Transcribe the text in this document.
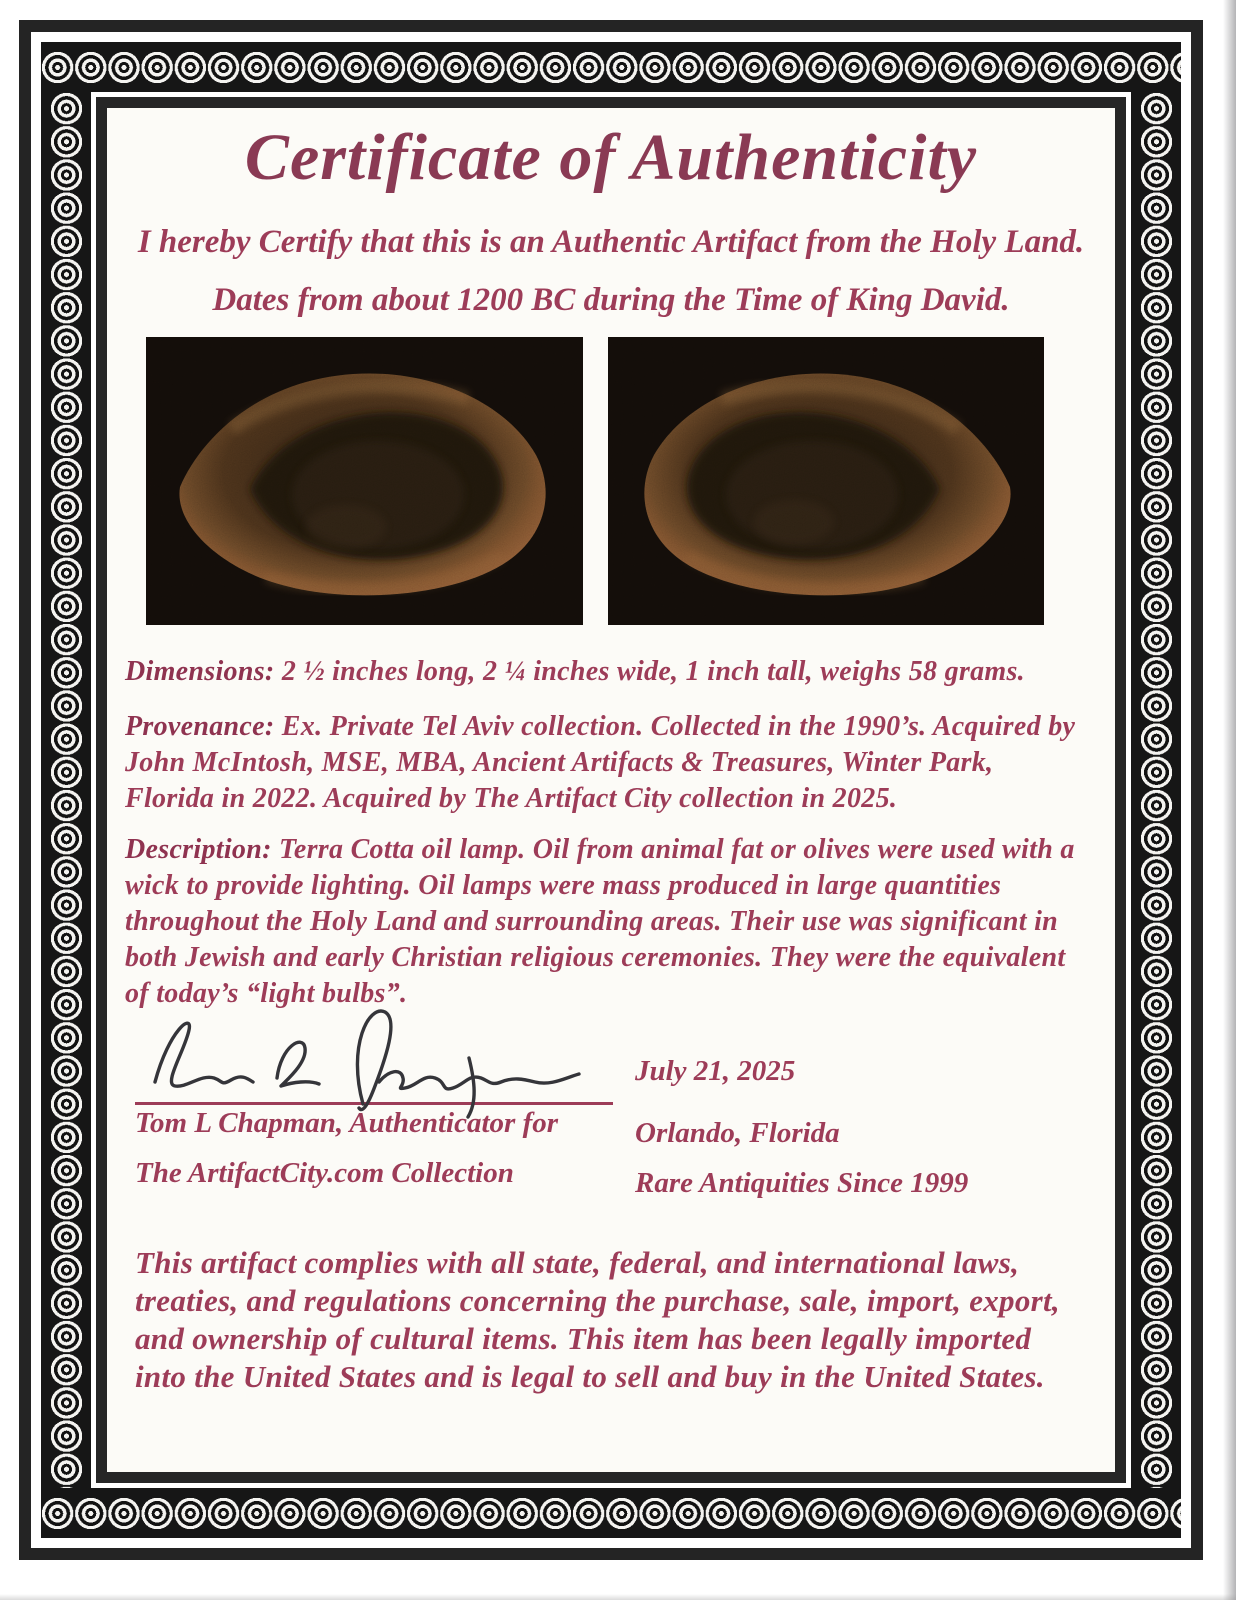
Certificate of Authenticity
I hereby Certify that this is an Authentic Artifact from the Holy Land.
Dates from about 1200 BC during the Time of King David.

Dimensions: 2 ½ inches long, 2 ¼ inches wide, 1 inch tall, weighs 58 grams.

Provenance: Ex. Private Tel Aviv collection. Collected in the 1990’s. Acquired by John McIntosh, MSE, MBA, Ancient Artifacts & Treasures, Winter Park, Florida in 2022. Acquired by The Artifact City collection in 2025.

Description: Terra Cotta oil lamp. Oil from animal fat or olives were used with a wick to provide lighting. Oil lamps were mass produced in large quantities throughout the Holy Land and surrounding areas. Their use was significant in both Jewish and early Christian religious ceremonies. They were the equivalent of today’s “light bulbs”.

Tom L Chapman, Authenticator for
The ArtifactCity.com Collection
July 21, 2025
Orlando, Florida
Rare Antiquities Since 1999

This artifact complies with all state, federal, and international laws, treaties, and regulations concerning the purchase, sale, import, export, and ownership of cultural items. This item has been legally imported into the United States and is legal to sell and buy in the United States.
